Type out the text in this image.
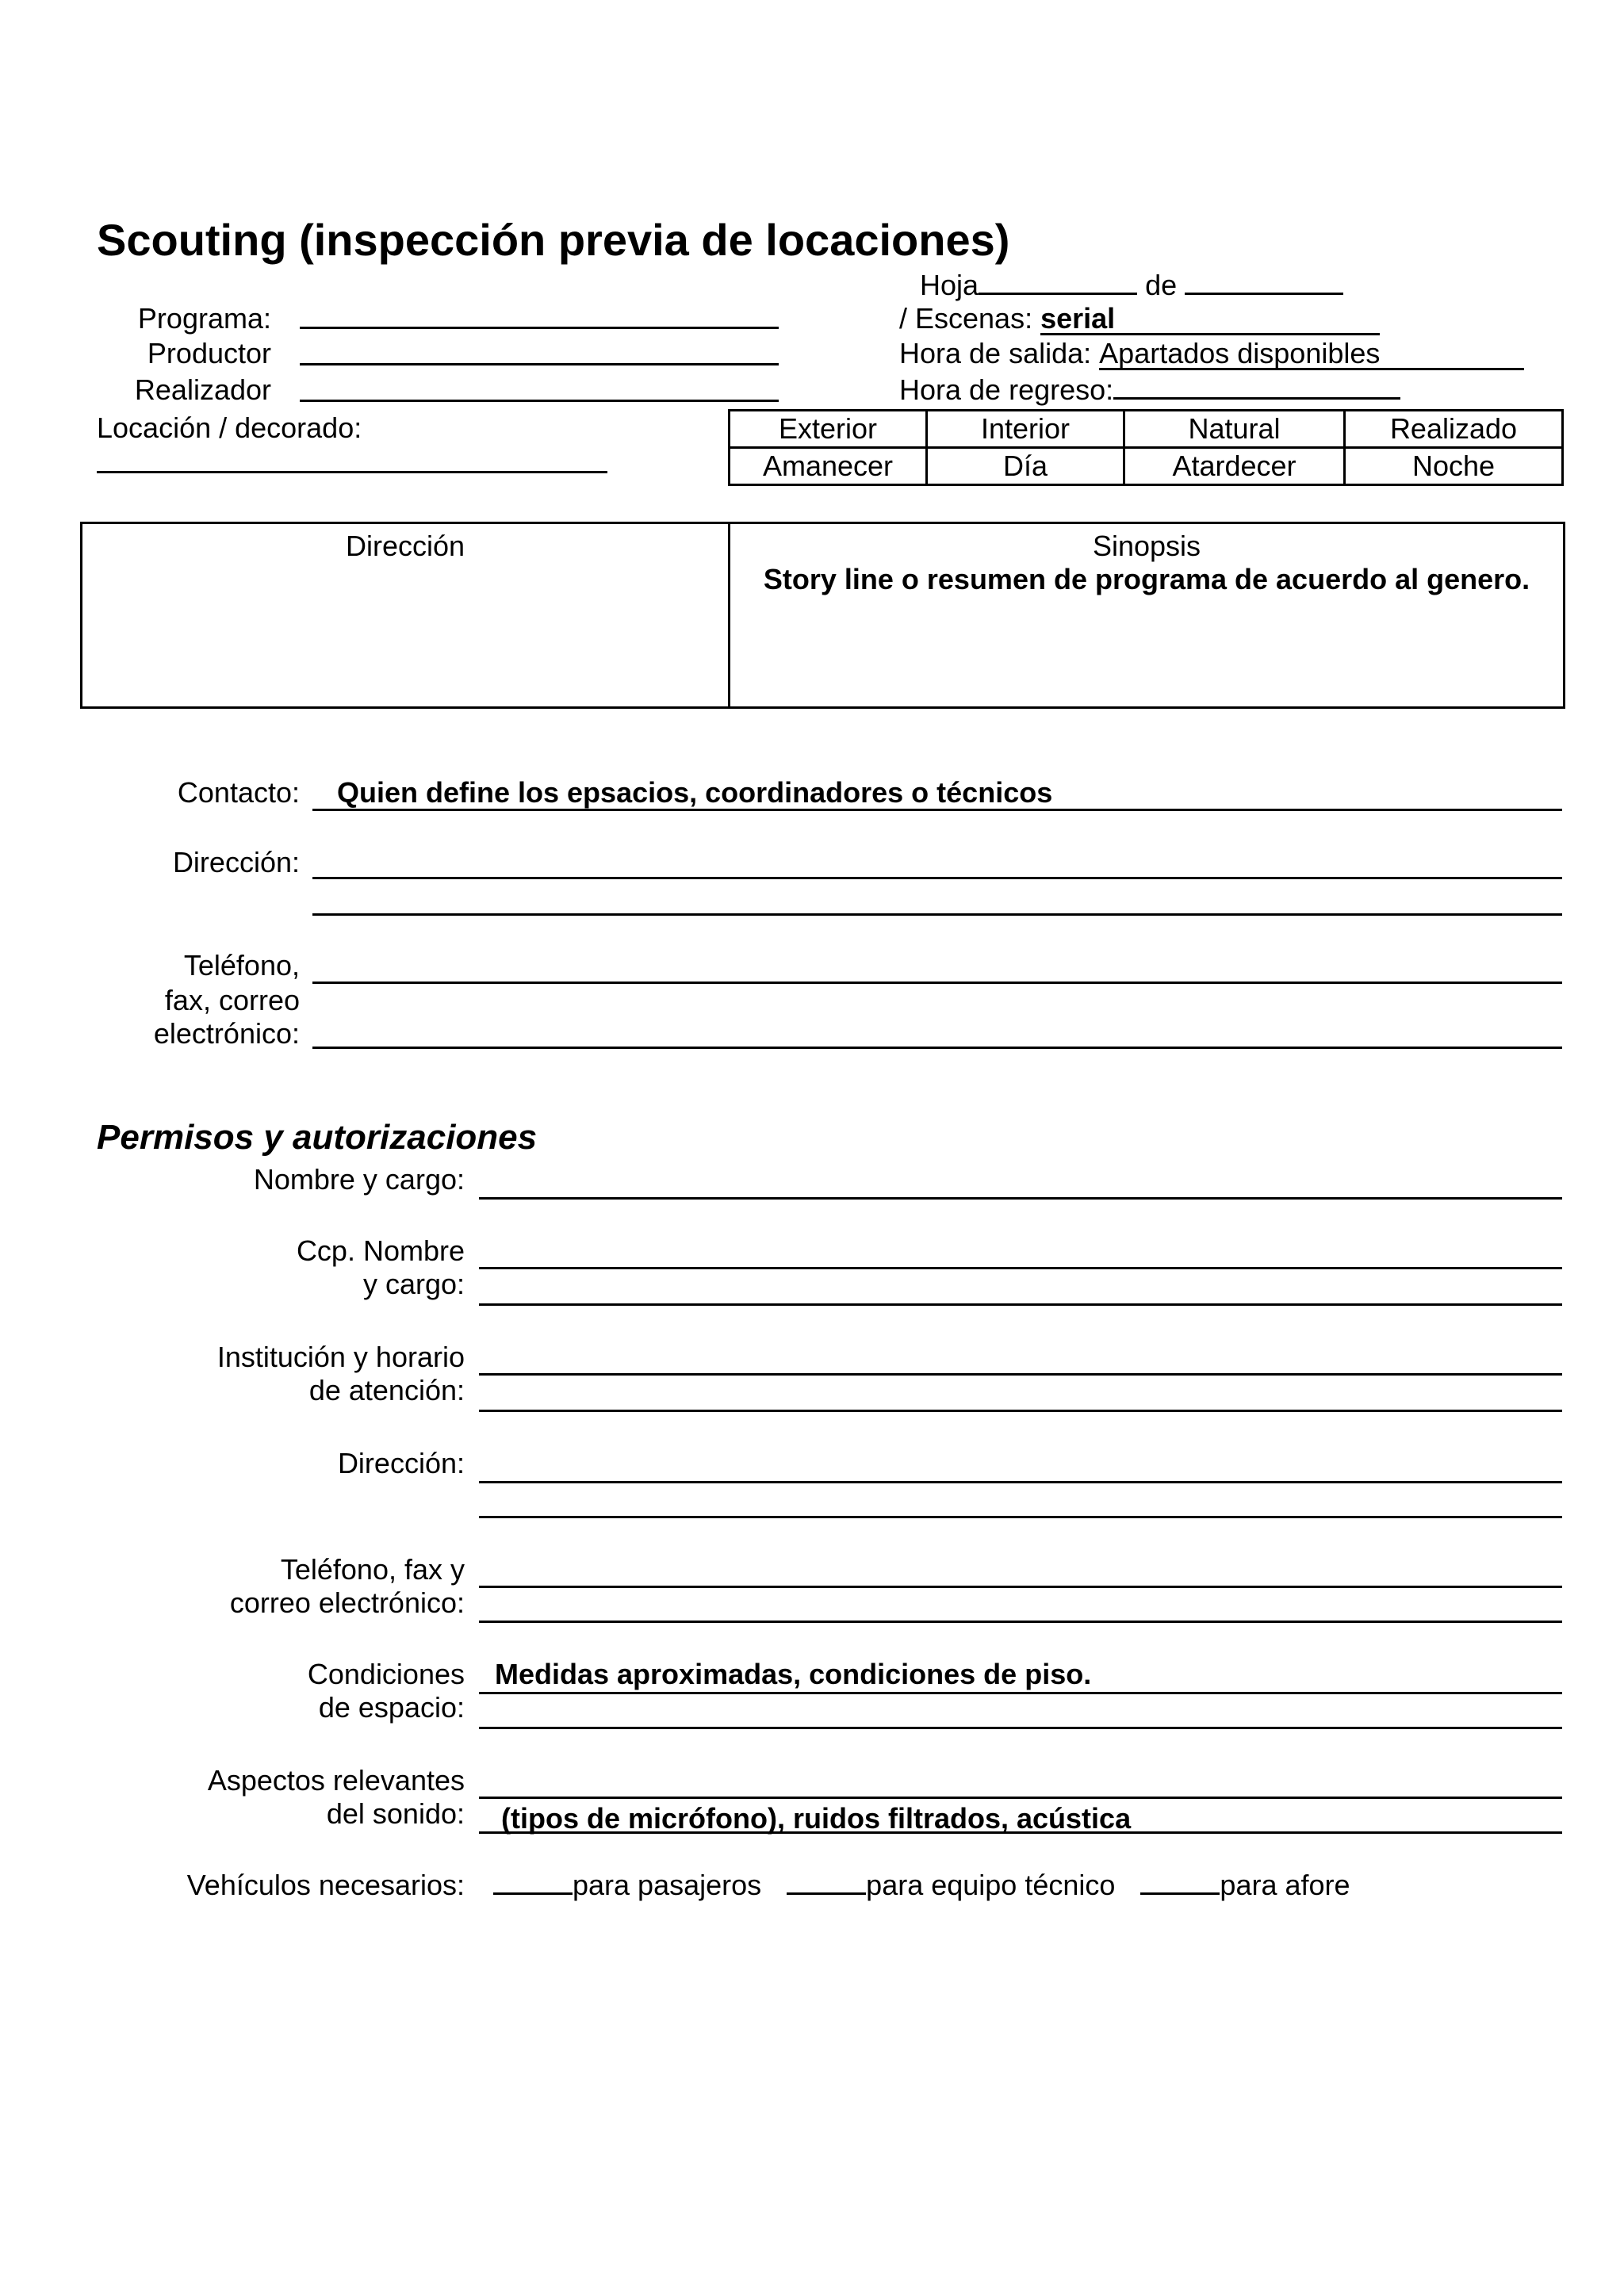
Scouting (inspección previa de locaciones)
Hoja	de
Programa:
Productor
Realizador
Locación / decorado:
/ Escenas: serial
Hora de salida: Apartados disponibles
Hora de regreso:
Exterior	Interior	Natural	Realizado
Amanecer	Día	Atardecer	Noche
Dirección	Sinopsis
Story line o resumen de programa de acuerdo al genero.
Contacto: Quien define los epsacios, coordinadores o técnicos
Dirección:
Teléfono,
fax, correo
electrónico:
Permisos y autorizaciones
Nombre y cargo:
Ccp. Nombre
y cargo:
Institución y horario
de atención:
Dirección:
Teléfono, fax y
correo electrónico:
Condiciones
de espacio:
Medidas aproximadas, condiciones de piso.
Aspectos relevantes
del sonido: (tipos de micrófono), ruidos filtrados, acústica
Vehículos necesarios:	para pasajeros	para equipo técnico	para afore
